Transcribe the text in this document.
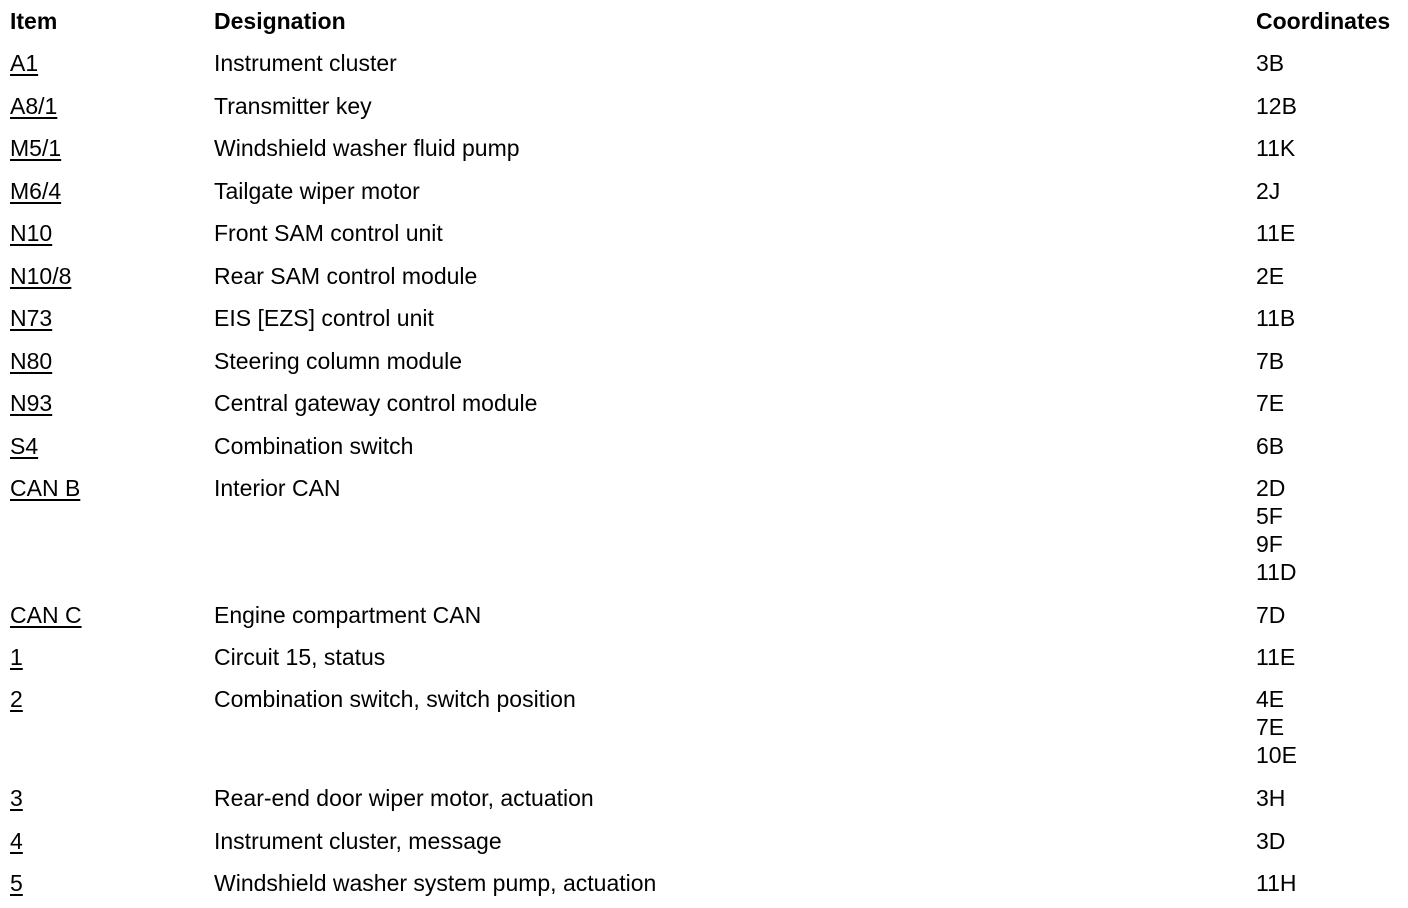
Item	Designation	Coordinates
A1	Instrument cluster	3B
A8/1	Transmitter key	12B
M5/1	Windshield washer fluid pump	11K
M6/4	Tailgate wiper motor	2J
N10	Front SAM control unit	11E
N10/8	Rear SAM control module	2E
N73	EIS [EZS] control unit	11B
N80	Steering column module	7B
N93	Central gateway control module	7E
S4	Combination switch	6B
CAN B	Interior CAN	2D
5F
9F
11D
CAN C	Engine compartment CAN	7D
1	Circuit 15, status	11E
2	Combination switch, switch position	4E
7E
10E
3	Rear-end door wiper motor, actuation	3H
4	Instrument cluster, message	3D
5	Windshield washer system pump, actuation	11H
